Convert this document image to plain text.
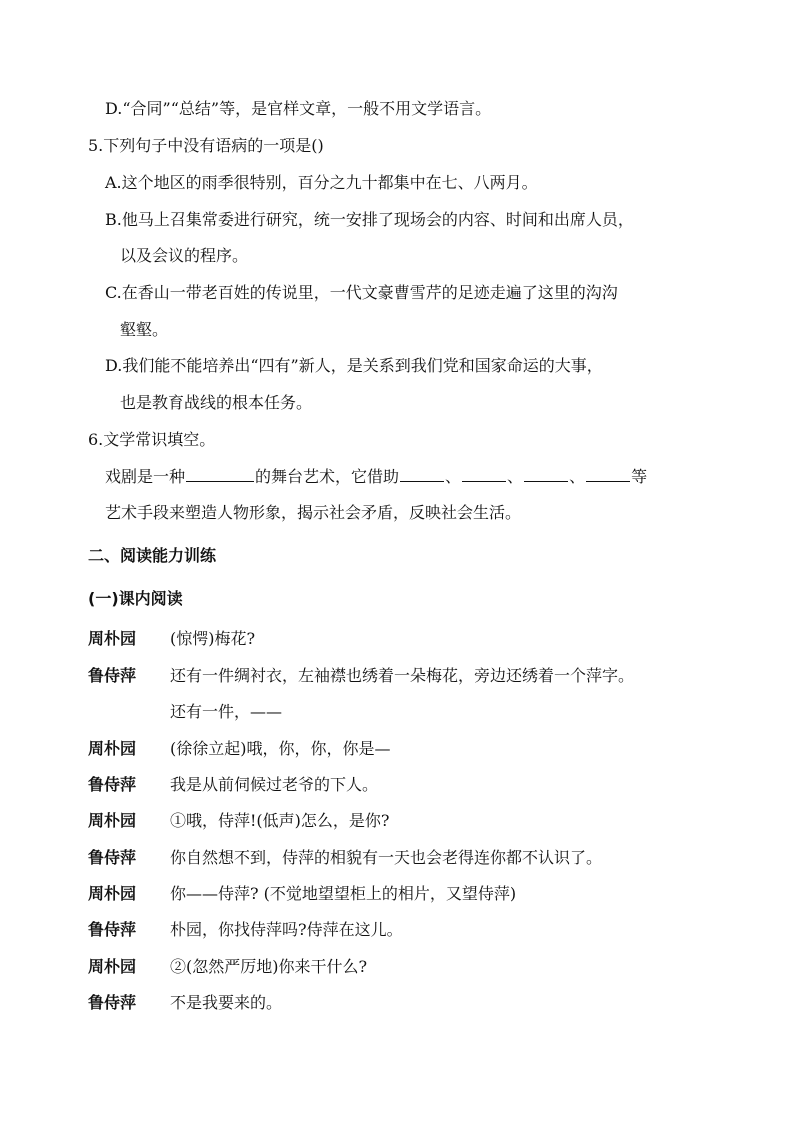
D.“合同”“总结”等，是官样文章，一般不用文学语言。
5.下列句子中没有语病的一项是()
A.这个地区的雨季很特别，百分之九十都集中在七、八两月。
B.他马上召集常委进行研究，统一安排了现场会的内容、时间和出席人员，
以及会议的程序。
C.在香山一带老百姓的传说里，一代文豪曹雪芹的足迹走遍了这里的沟沟
壑壑。
D.我们能不能培养出“四有”新人，是关系到我们党和国家命运的大事，
也是教育战线的根本任务。
6.文学常识填空。
戏剧是一种	的舞台艺术，它借助	、	、	、	等
艺术手段来塑造人物形象，揭示社会矛盾，反映社会生活。
二、阅读能力训练
(一)课内阅读
周朴园	(惊愕)梅花?
鲁侍萍	还有一件绸衬衣，左袖襟也绣着一朵梅花，旁边还绣着一个萍字。
还有一件，——
周朴园	(徐徐立起)哦，你，你，你是—
鲁侍萍	我是从前伺候过老爷的下人。
周朴园	①哦，侍萍!(低声)怎么，是你?
鲁侍萍	你自然想不到，侍萍的相貌有一天也会老得连你都不认识了。
周朴园	你——侍萍? (不觉地望望柜上的相片，又望侍萍)
鲁侍萍	朴园，你找侍萍吗?侍萍在这儿。
周朴园	②(忽然严厉地)你来干什么?
鲁侍萍	不是我要来的。
